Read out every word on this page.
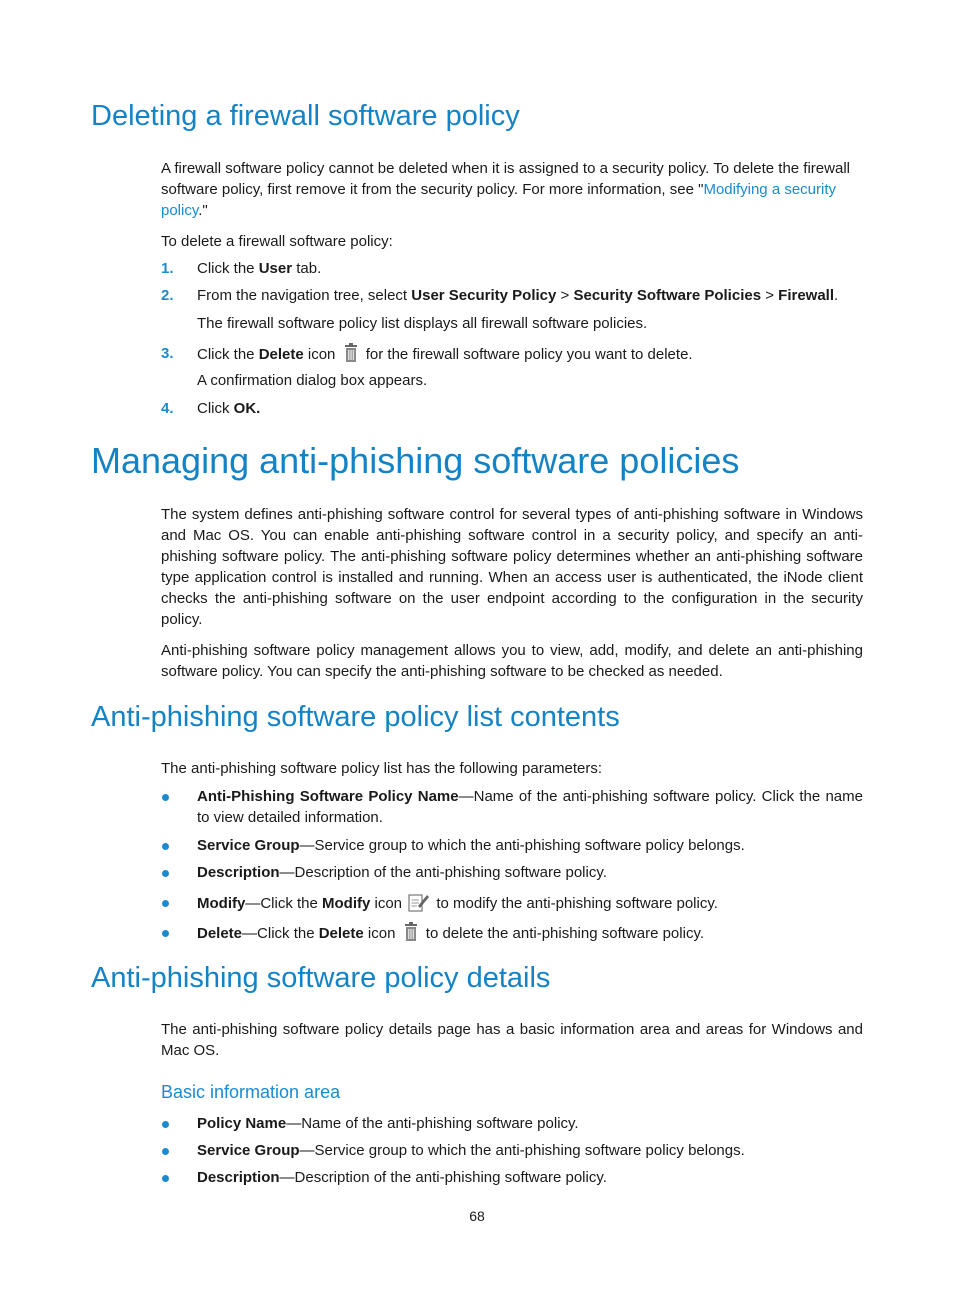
Deleting a firewall software policy
A firewall software policy cannot be deleted when it is assigned to a security policy. To delete the firewall
software policy, first remove it from the security policy. For more information, see "Modifying a security
policy."
To delete a firewall software policy:
1. Click the User tab.
2. From the navigation tree, select User Security Policy > Security Software Policies > Firewall.
The firewall software policy list displays all firewall software policies.
3. Click the Delete icon  for the firewall software policy you want to delete.
A confirmation dialog box appears.
4. Click OK.
Managing anti-phishing software policies
The system defines anti-phishing software control for several types of anti-phishing software in Windows and Mac OS. You can enable anti-phishing software control in a security policy, and specify an anti-phishing software policy. The anti-phishing software policy determines whether an anti-phishing software type application control is installed and running. When an access user is authenticated, the iNode client checks the anti-phishing software on the user endpoint according to the configuration in the security policy.
Anti-phishing software policy management allows you to view, add, modify, and delete an anti-phishing software policy. You can specify the anti-phishing software to be checked as needed.
Anti-phishing software policy list contents
The anti-phishing software policy list has the following parameters:
Anti-Phishing Software Policy Name—Name of the anti-phishing software policy. Click the name to view detailed information.
Service Group—Service group to which the anti-phishing software policy belongs.
Description—Description of the anti-phishing software policy.
Modify—Click the Modify icon  to modify the anti-phishing software policy.
Delete—Click the Delete icon  to delete the anti-phishing software policy.
Anti-phishing software policy details
The anti-phishing software policy details page has a basic information area and areas for Windows and Mac OS.
Basic information area
Policy Name—Name of the anti-phishing software policy.
Service Group—Service group to which the anti-phishing software policy belongs.
Description—Description of the anti-phishing software policy.
68
